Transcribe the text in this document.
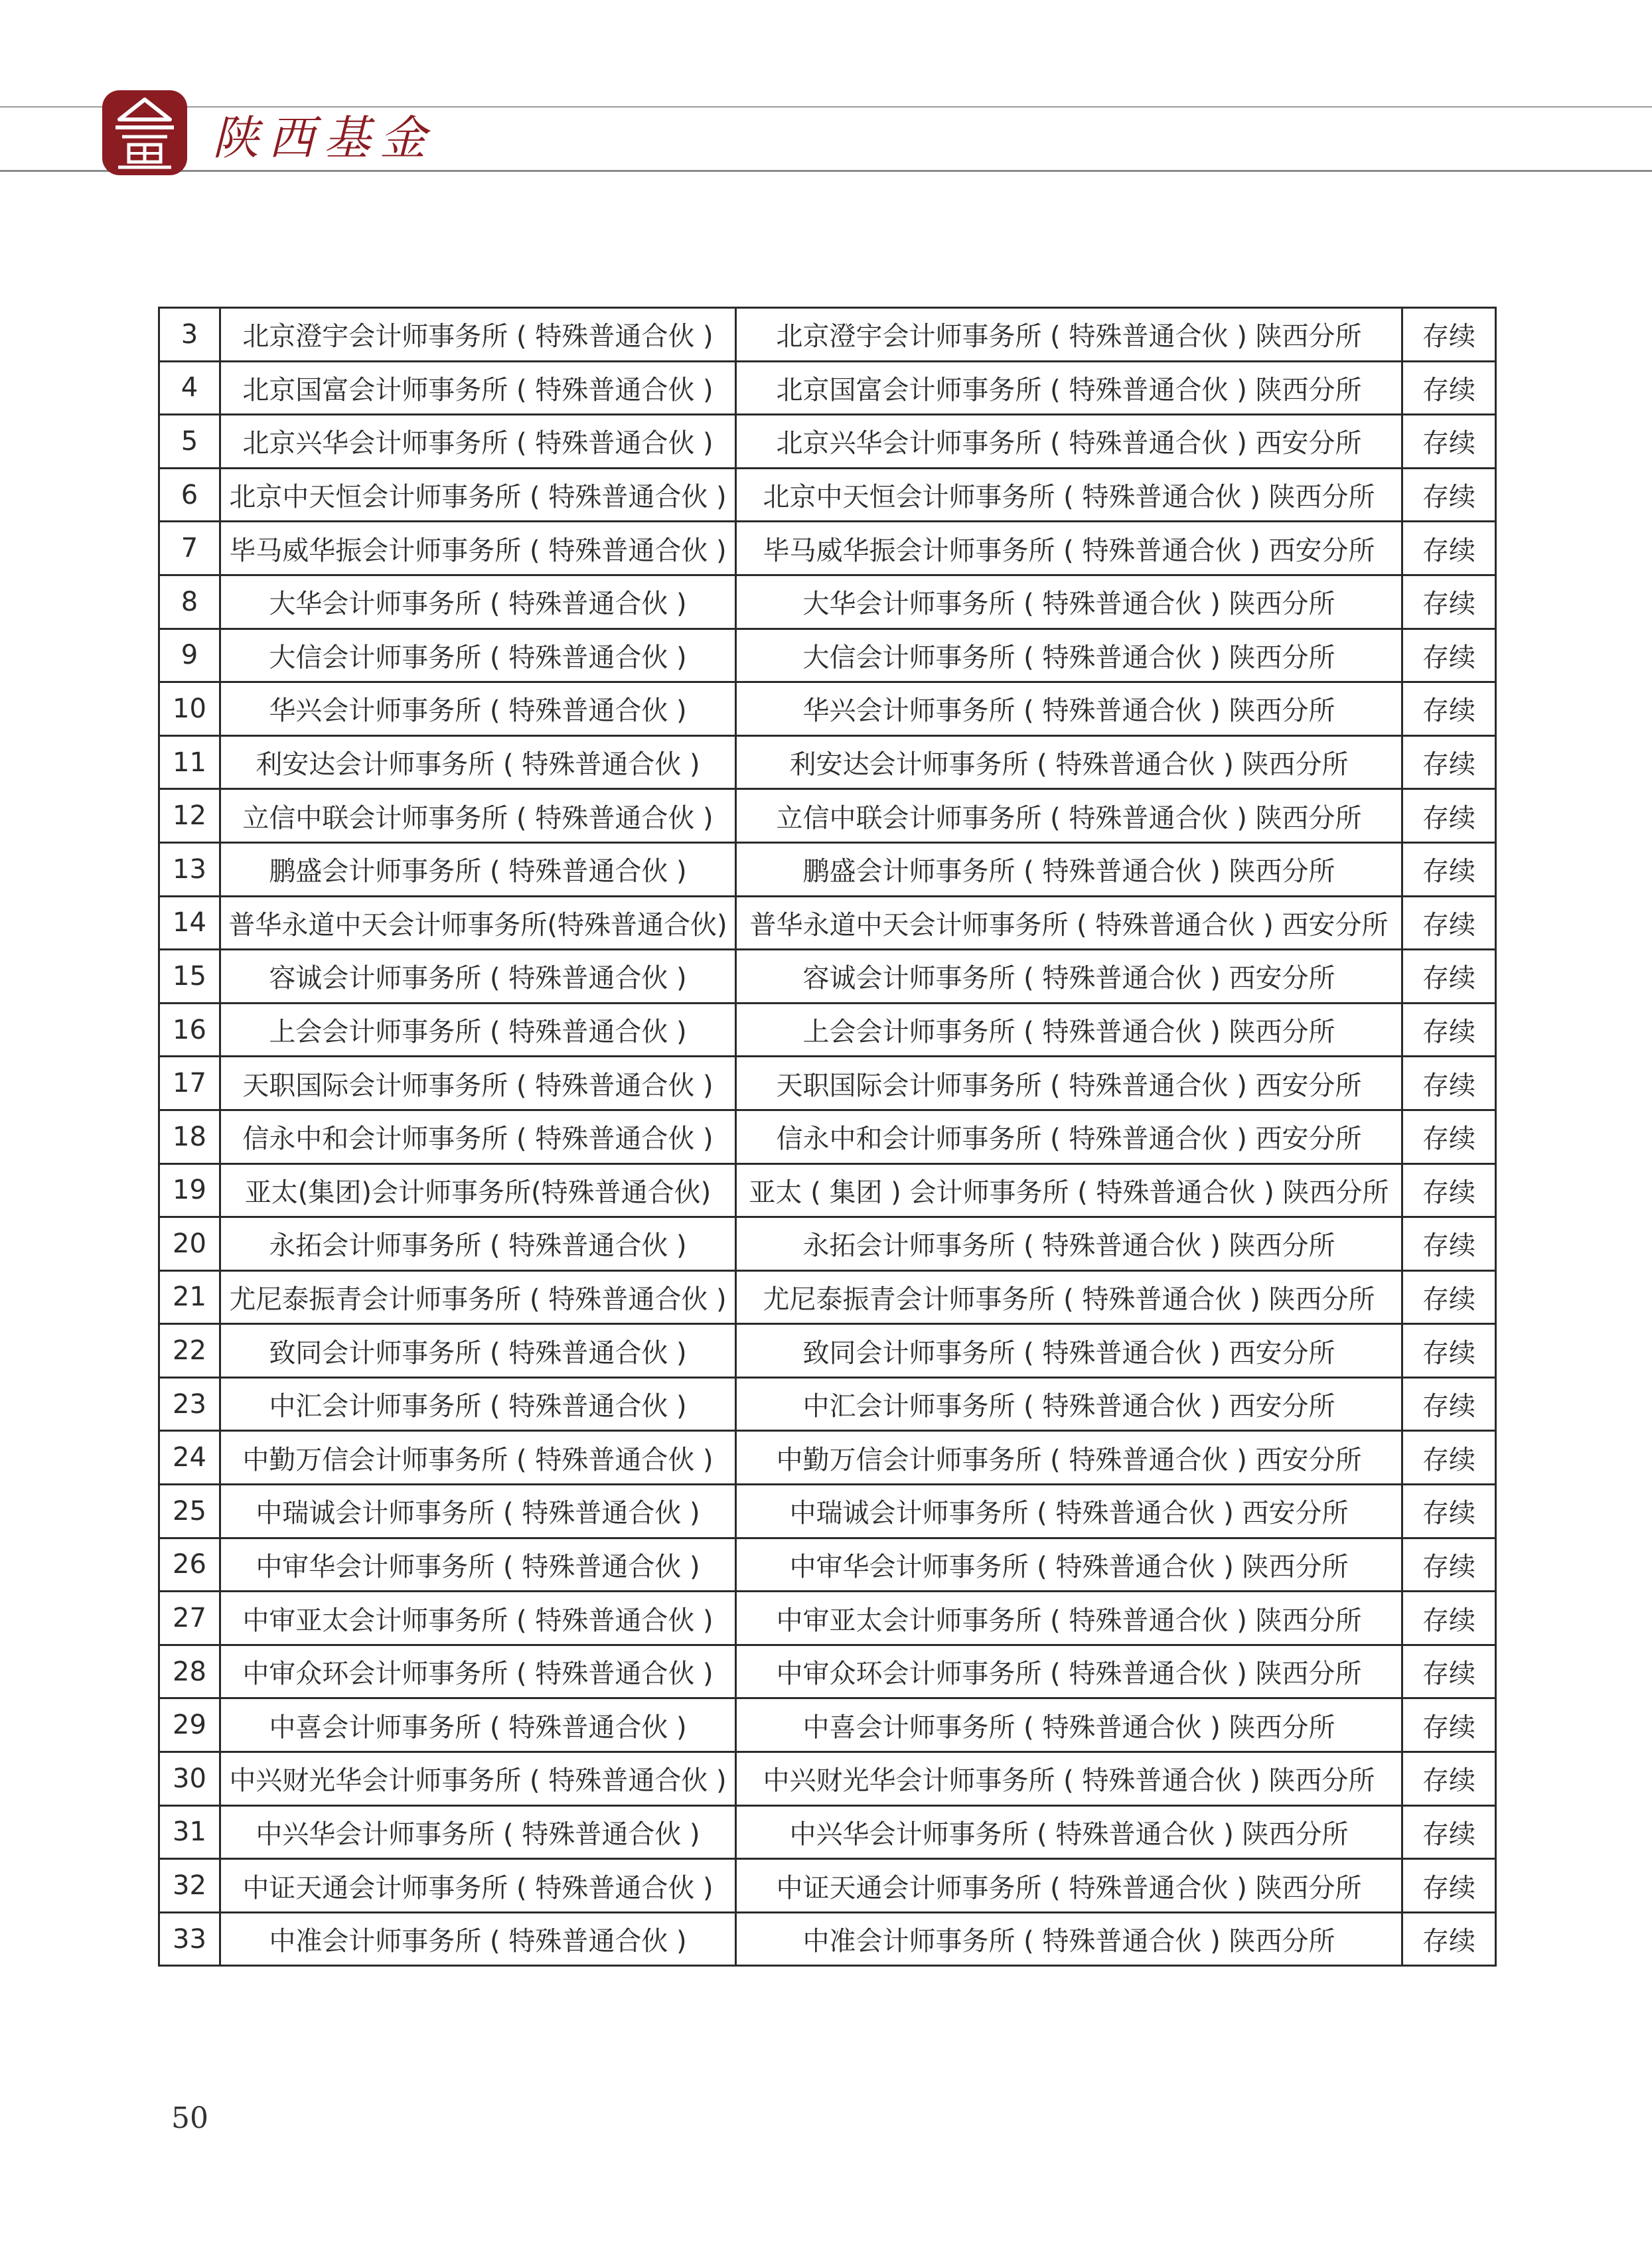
陕西基金
3	北京澄宇会计师事务所 ( 特殊普通合伙 )	北京澄宇会计师事务所 ( 特殊普通合伙 ) 陕西分所	存续
4	北京国富会计师事务所 ( 特殊普通合伙 )	北京国富会计师事务所 ( 特殊普通合伙 ) 陕西分所	存续
5	北京兴华会计师事务所 ( 特殊普通合伙 )	北京兴华会计师事务所 ( 特殊普通合伙 ) 西安分所	存续
6	北京中天恒会计师事务所 ( 特殊普通合伙 )	北京中天恒会计师事务所 ( 特殊普通合伙 ) 陕西分所	存续
7	毕马威华振会计师事务所 ( 特殊普通合伙 )	毕马威华振会计师事务所 ( 特殊普通合伙 ) 西安分所	存续
8	大华会计师事务所 ( 特殊普通合伙 )	大华会计师事务所 ( 特殊普通合伙 ) 陕西分所	存续
9	大信会计师事务所 ( 特殊普通合伙 )	大信会计师事务所 ( 特殊普通合伙 ) 陕西分所	存续
10	华兴会计师事务所 ( 特殊普通合伙 )	华兴会计师事务所 ( 特殊普通合伙 ) 陕西分所	存续
11	利安达会计师事务所 ( 特殊普通合伙 )	利安达会计师事务所 ( 特殊普通合伙 ) 陕西分所	存续
12	立信中联会计师事务所 ( 特殊普通合伙 )	立信中联会计师事务所 ( 特殊普通合伙 ) 陕西分所	存续
13	鹏盛会计师事务所 ( 特殊普通合伙 )	鹏盛会计师事务所 ( 特殊普通合伙 ) 陕西分所	存续
14	普华永道中天会计师事务所(特殊普通合伙)	普华永道中天会计师事务所 ( 特殊普通合伙 ) 西安分所	存续
15	容诚会计师事务所 ( 特殊普通合伙 )	容诚会计师事务所 ( 特殊普通合伙 ) 西安分所	存续
16	上会会计师事务所 ( 特殊普通合伙 )	上会会计师事务所 ( 特殊普通合伙 ) 陕西分所	存续
17	天职国际会计师事务所 ( 特殊普通合伙 )	天职国际会计师事务所 ( 特殊普通合伙 ) 西安分所	存续
18	信永中和会计师事务所 ( 特殊普通合伙 )	信永中和会计师事务所 ( 特殊普通合伙 ) 西安分所	存续
19	亚太(集团)会计师事务所(特殊普通合伙)	亚太 ( 集团 ) 会计师事务所 ( 特殊普通合伙 ) 陕西分所	存续
20	永拓会计师事务所 ( 特殊普通合伙 )	永拓会计师事务所 ( 特殊普通合伙 ) 陕西分所	存续
21	尤尼泰振青会计师事务所 ( 特殊普通合伙 )	尤尼泰振青会计师事务所 ( 特殊普通合伙 ) 陕西分所	存续
22	致同会计师事务所 ( 特殊普通合伙 )	致同会计师事务所 ( 特殊普通合伙 ) 西安分所	存续
23	中汇会计师事务所 ( 特殊普通合伙 )	中汇会计师事务所 ( 特殊普通合伙 ) 西安分所	存续
24	中勤万信会计师事务所 ( 特殊普通合伙 )	中勤万信会计师事务所 ( 特殊普通合伙 ) 西安分所	存续
25	中瑞诚会计师事务所 ( 特殊普通合伙 )	中瑞诚会计师事务所 ( 特殊普通合伙 ) 西安分所	存续
26	中审华会计师事务所 ( 特殊普通合伙 )	中审华会计师事务所 ( 特殊普通合伙 ) 陕西分所	存续
27	中审亚太会计师事务所 ( 特殊普通合伙 )	中审亚太会计师事务所 ( 特殊普通合伙 ) 陕西分所	存续
28	中审众环会计师事务所 ( 特殊普通合伙 )	中审众环会计师事务所 ( 特殊普通合伙 ) 陕西分所	存续
29	中喜会计师事务所 ( 特殊普通合伙 )	中喜会计师事务所 ( 特殊普通合伙 ) 陕西分所	存续
30	中兴财光华会计师事务所 ( 特殊普通合伙 )	中兴财光华会计师事务所 ( 特殊普通合伙 ) 陕西分所	存续
31	中兴华会计师事务所 ( 特殊普通合伙 )	中兴华会计师事务所 ( 特殊普通合伙 ) 陕西分所	存续
32	中证天通会计师事务所 ( 特殊普通合伙 )	中证天通会计师事务所 ( 特殊普通合伙 ) 陕西分所	存续
33	中准会计师事务所 ( 特殊普通合伙 )	中准会计师事务所 ( 特殊普通合伙 ) 陕西分所	存续
50
